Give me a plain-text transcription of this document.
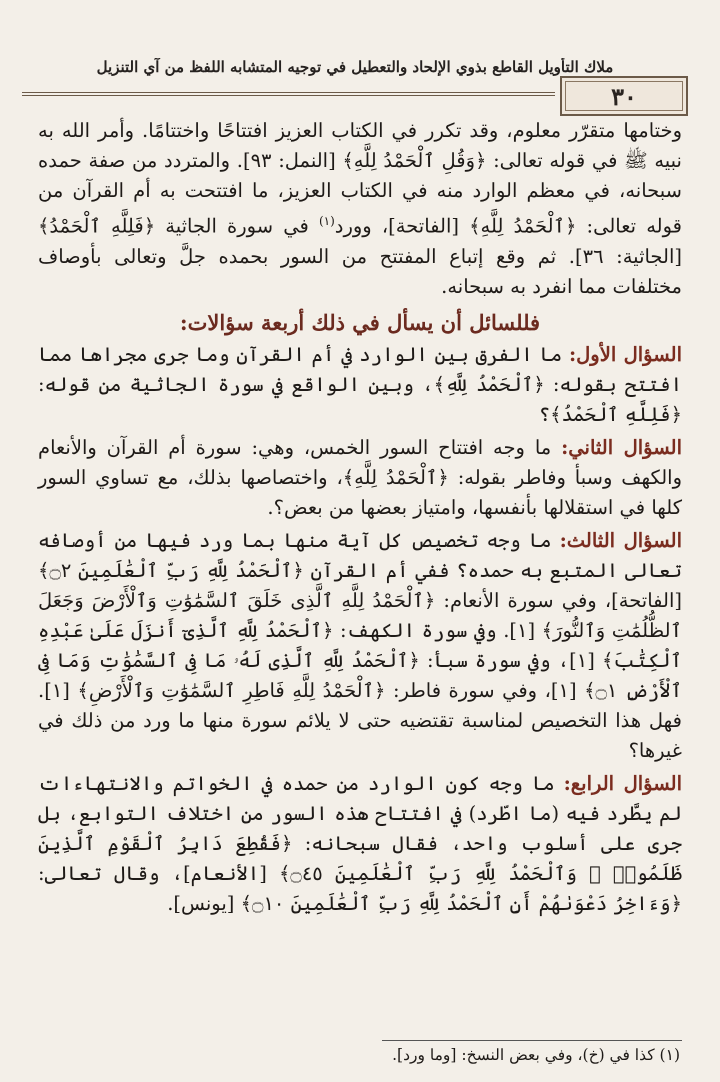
ملاك التأويل القاطع بذوي الإلحاد والتعطيل في توجيه المتشابه اللفظ من آي التنزيل
٣٠

وختامها متقرّر معلوم، وقد تكرر في الكتاب العزيز افتتاحًا واختتامًا. وأمر الله به نبيه ﷺ في قوله تعالى: ﴿وَقُلِ ٱلْحَمْدُ لِلَّهِ﴾ [النمل: ٩٣]. والمتردد من صفة حمده سبحانه، في معظم الوارد منه في الكتاب العزيز، ما افتتحت به أم القرآن من قوله تعالى: ﴿ٱلْحَمْدُ لِلَّهِ﴾ [الفاتحة]، وورد$^{(١)}$ في سورة الجاثية ﴿فَلِلَّهِ ٱلْحَمْدُ﴾ [الجاثية: ٣٦]. ثم وقع إتباع المفتتح من السور بحمده جلَّ وتعالى بأوصاف مختلفات مما انفرد به سبحانه.

فللسائل أن يسأل في ذلك أربعة سؤالات:

السؤال الأول: ما الفرق بين الوارد في أم القرآن وما جرى مجراها مما افتتح بقوله: ﴿ٱلْحَمْدُ لِلَّهِ﴾، وبين الواقع في سورة الجاثية من قوله: ﴿فَلِلَّهِ ٱلْحَمْدُ﴾؟

السؤال الثاني: ما وجه افتتاح السور الخمس، وهي: سورة أم القرآن والأنعام والكهف وسبأ وفاطر بقوله: ﴿ٱلْحَمْدُ لِلَّهِ﴾، واختصاصها بذلك، مع تساوي السور كلها في استقلالها بأنفسها، وامتياز بعضها من بعض؟.

السؤال الثالث: ما وجه تخصيص كل آية منها بما ورد فيها من أوصافه تعالى المتبع به حمده؟ ففي أم القرآن ﴿ٱلْحَمْدُ لِلَّهِ رَبِّ ٱلْعَٰلَمِينَ ۝٢﴾ [الفاتحة]، وفي سورة الأنعام: ﴿ٱلْحَمْدُ لِلَّهِ ٱلَّذِى خَلَقَ ٱلسَّمَٰوَٰتِ وَٱلْأَرْضَ وَجَعَلَ ٱلظُّلُمَٰتِ وَٱلنُّورَ﴾ [١]. وفي سورة الكهف: ﴿ٱلْحَمْدُ لِلَّهِ ٱلَّذِىٓ أَنزَلَ عَلَىٰ عَبْدِهِ ٱلْكِتَٰبَ﴾ [١]، وفي سورة سبأ: ﴿ٱلْحَمْدُ لِلَّهِ ٱلَّذِى لَهُۥ مَا فِى ٱلسَّمَٰوَٰتِ وَمَا فِى ٱلْأَرْضِ ۝١﴾ [١]، وفي سورة فاطر: ﴿ٱلْحَمْدُ لِلَّهِ فَاطِرِ ٱلسَّمَٰوَٰتِ وَٱلْأَرْضِ﴾ [١]. فهل هذا التخصيص لمناسبة تقتضيه حتى لا يلائم سورة منها ما ورد من ذلك في غيرها؟

السؤال الرابع: ما وجه كون الوارد من حمده في الخواتم والانتهاءات لم يطَّرد فيه (ما اطّرد) في افتتاح هذه السور من اختلاف التوابع، بل جرى على أسلوب واحد، فقال سبحانه: ﴿فَقُطِعَ دَابِرُ ٱلْقَوْمِ ٱلَّذِينَ ظَلَمُوا۟ ۚ وَٱلْحَمْدُ لِلَّهِ رَبِّ ٱلْعَٰلَمِينَ ۝٤٥﴾ [الأنعام]، وقال تعالى: ﴿وَءَاخِرُ دَعْوَىٰهُمْ أَنِ ٱلْحَمْدُ لِلَّهِ رَبِّ ٱلْعَٰلَمِينَ ۝١٠﴾ [يونس].

(١) كذا في (خ)، وفي بعض النسخ: [وما ورد].
